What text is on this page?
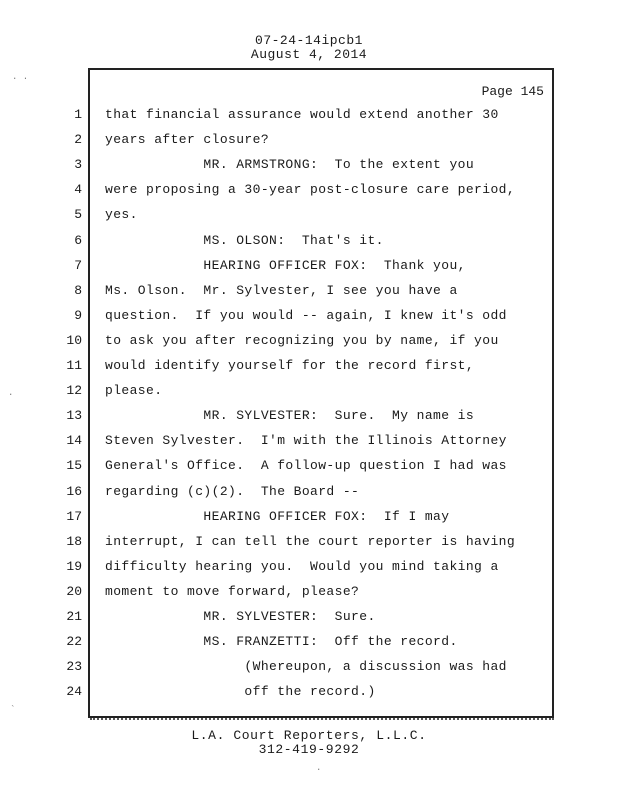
07-24-14ipcb1
August 4, 2014
Page 145
1 that financial assurance would extend another 30
2 years after closure?
3 MR. ARMSTRONG:  To the extent you
4 were proposing a 30-year post-closure care period,
5 yes.
6 MS. OLSON:  That's it.
7 HEARING OFFICER FOX:  Thank you,
8 Ms. Olson.  Mr. Sylvester, I see you have a
9 question.  If you would -- again, I knew it's odd
10 to ask you after recognizing you by name, if you
11 would identify yourself for the record first,
12 please.
13 MR. SYLVESTER:  Sure.  My name is
14 Steven Sylvester.  I'm with the Illinois Attorney
15 General's Office.  A follow-up question I had was
16 regarding (c)(2).  The Board --
17 HEARING OFFICER FOX:  If I may
18 interrupt, I can tell the court reporter is having
19 difficulty hearing you.  Would you mind taking a
20 moment to move forward, please?
21 MR. SYLVESTER:  Sure.
22 MS. FRANZETTI:  Off the record.
23 (Whereupon, a discussion was had
24 off the record.)
L.A. Court Reporters, L.L.C.
312-419-9292
· ·
·
`
·
